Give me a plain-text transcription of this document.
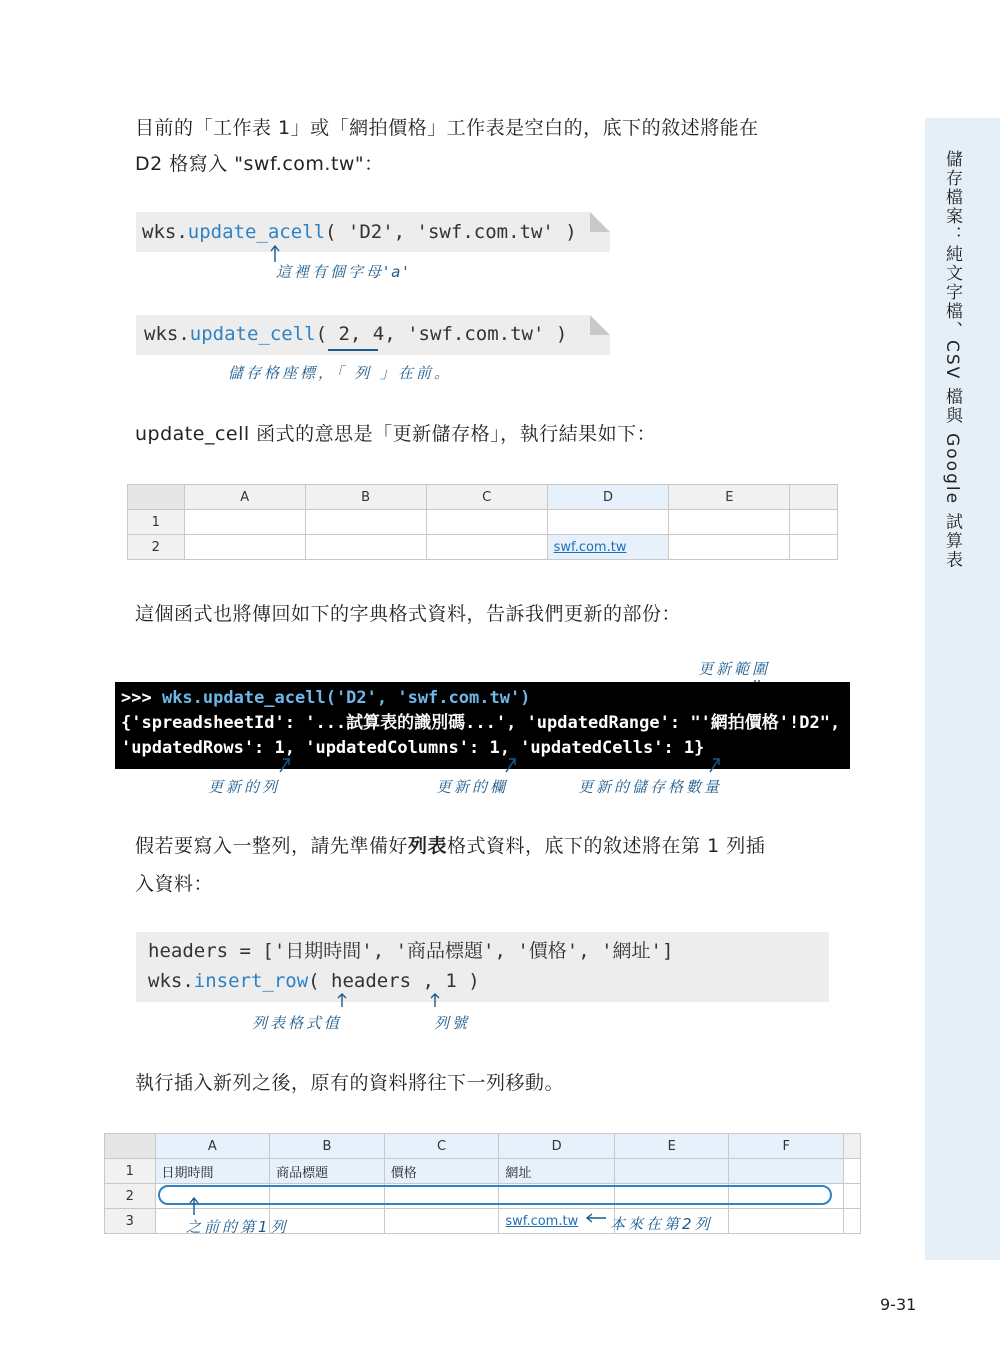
儲存檔案：純文字檔、CSV 檔與 Google 試算表
目前的「工作表 1」或「網拍價格」工作表是空白的，底下的敘述將能在
D2 格寫入 "swf.com.tw"：
wks.update_acell( 'D2', 'swf.com.tw' )
這裡有個字母'a'
wks.update_cell( 2, 4, 'swf.com.tw' )
儲存格座標，「 列 」在前。
update_cell 函式的意思是「更新儲存格」，執行結果如下：
	A	B	C	D	E	
1						
2				swf.com.tw		
這個函式也將傳回如下的字典格式資料，告訴我們更新的部份：
更新範圍
>>> wks.update_acell('D2', 'swf.com.tw')
{'spreadsheetId': '...試算表的識別碼...', 'updatedRange': "'網拍價格'!D2",
'updatedRows': 1, 'updatedColumns': 1, 'updatedCells': 1}
更新的列	更新的欄	更新的儲存格數量
假若要寫入一整列，請先準備好列表格式資料，底下的敘述將在第 1 列插
入資料：
headers = ['日期時間', '商品標題', '價格', '網址']
wks.insert_row( headers , 1 )
列表格式值	列號
執行插入新列之後，原有的資料將往下一列移動。
	A	B	C	D	E	F	
1	日期時間	商品標題	價格	網址			
2							
3				swf.com.tw			
之前的第1列	本來在第2列
9-31
